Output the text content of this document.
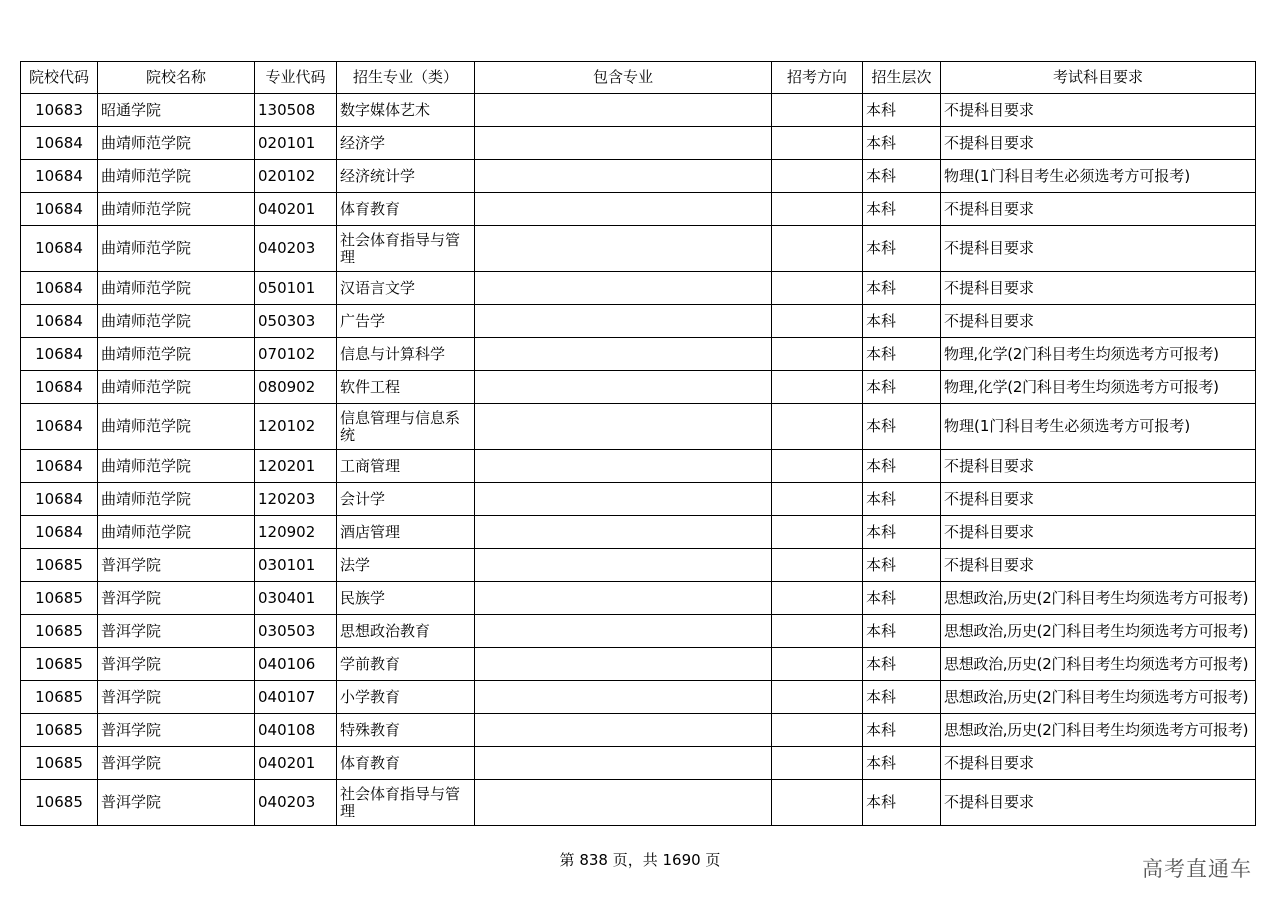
院校代码	院校名称	专业代码	招生专业（类）	包含专业	招考方向	招生层次	考试科目要求
10683	昭通学院	130508	数字媒体艺术			本科	不提科目要求
10684	曲靖师范学院	020101	经济学			本科	不提科目要求
10684	曲靖师范学院	020102	经济统计学			本科	物理(1门科目考生必须选考方可报考)
10684	曲靖师范学院	040201	体育教育			本科	不提科目要求
10684	曲靖师范学院	040203	社会体育指导与管理			本科	不提科目要求
10684	曲靖师范学院	050101	汉语言文学			本科	不提科目要求
10684	曲靖师范学院	050303	广告学			本科	不提科目要求
10684	曲靖师范学院	070102	信息与计算科学			本科	物理,化学(2门科目考生均须选考方可报考)

10684	曲靖师范学院	080902	软件工程			本科	物理,化学(2门科目考生均须选考方可报考)

10684	曲靖师范学院	120102	信息管理与信息系统			本科	物理(1门科目考生必须选考方可报考)
10684	曲靖师范学院	120201	工商管理			本科	不提科目要求
10684	曲靖师范学院	120203	会计学			本科	不提科目要求
10684	曲靖师范学院	120902	酒店管理			本科	不提科目要求
10685	普洱学院	030101	法学			本科	不提科目要求
10685	普洱学院	030401	民族学			本科	思想政治,历史(2门科目考生均须选考方可报考)

10685	普洱学院	030503	思想政治教育			本科	思想政治,历史(2门科目考生均须选考方可报考)

10685	普洱学院	040106	学前教育			本科	思想政治,历史(2门科目考生均须选考方可报考)

10685	普洱学院	040107	小学教育			本科	思想政治,历史(2门科目考生均须选考方可报考)

10685	普洱学院	040108	特殊教育			本科	思想政治,历史(2门科目考生均须选考方可报考)

10685	普洱学院	040201	体育教育			本科	不提科目要求
10685	普洱学院	040203	社会体育指导与管理			本科	不提科目要求
第 838 页，共 1690 页	高考直通车
